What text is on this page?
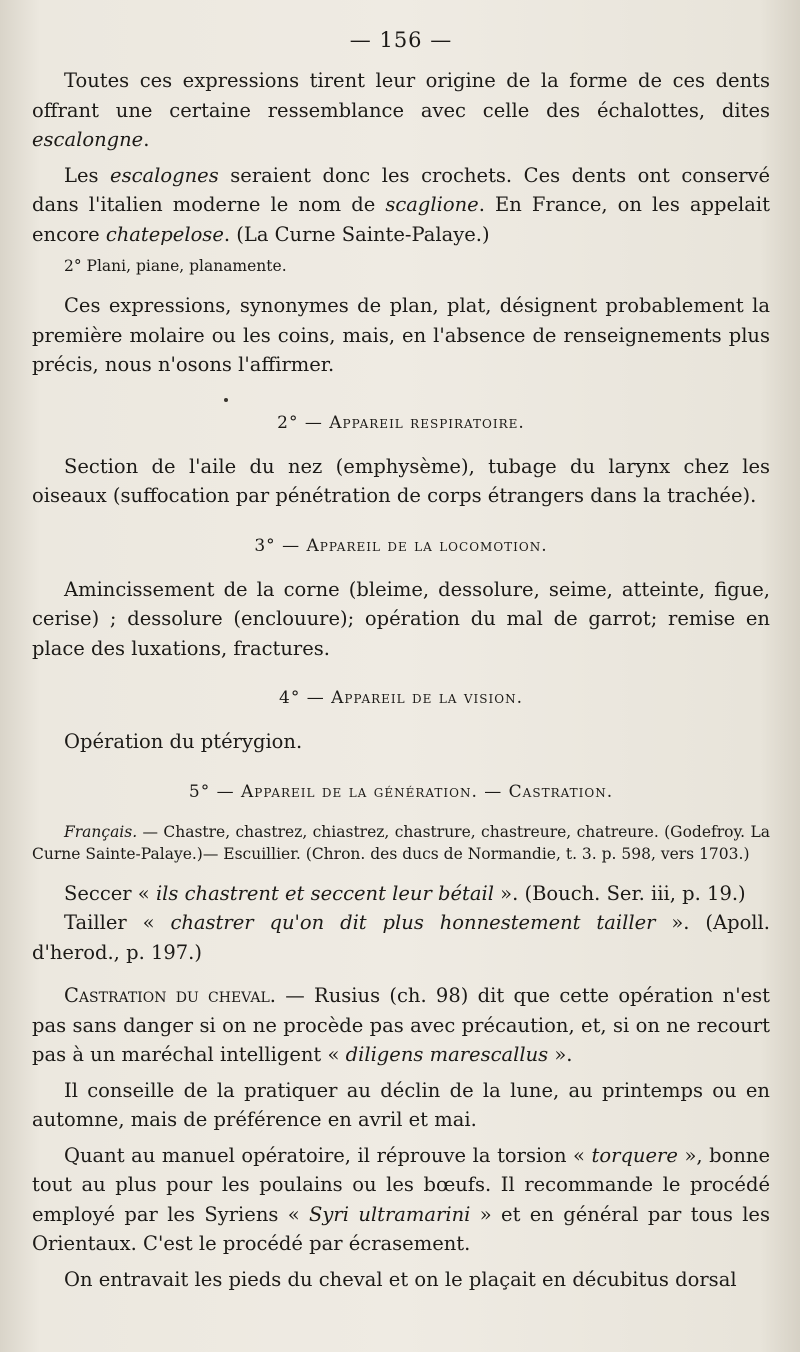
— 156 —

Toutes ces expressions tirent leur origine de la forme de ces dents offrant une certaine ressemblance avec celle des échalottes, dites escalongne.

Les escalognes seraient donc les crochets. Ces dents ont conservé dans l'italien moderne le nom de scaglione. En France, on les appelait encore chatepelose. (La Curne Sainte-Palaye.)

2° Plani, piane, planamente.

Ces expressions, synonymes de plan, plat, désignent probablement la première molaire ou les coins, mais, en l'absence de renseignements plus précis, nous n'osons l'affirmer.

2° — Appareil respiratoire.

Section de l'aile du nez (emphysème), tubage du larynx chez les oiseaux (suffocation par pénétration de corps étrangers dans la trachée).

3° — Appareil de la locomotion.

Amincissement de la corne (bleime, dessolure, seime, atteinte, figue, cerise) ; dessolure (enclouure); opération du mal de garrot; remise en place des luxations, fractures.

4° — Appareil de la vision.

Opération du ptérygion.

5° — Appareil de la génération. — Castration.

Français. — Chastre, chastrez, chiastrez, chastrure, chastreure, chatreure. (Godefroy. La Curne Sainte-Palaye.)— Escuillier. (Chron. des ducs de Normandie, t. 3. p. 598, vers 1703.)

Seccer « ils chastrent et seccent leur bétail ». (Bouch. Ser. iii, p. 19.)

Tailler « chastrer qu'on dit plus honnestement tailler ». (Apoll. d'herod., p. 197.)

Castration du cheval. — Rusius (ch. 98) dit que cette opération n'est pas sans danger si on ne procède pas avec précaution, et, si on ne recourt pas à un maréchal intelligent « diligens marescallus ».

Il conseille de la pratiquer au déclin de la lune, au printemps ou en automne, mais de préférence en avril et mai.

Quant au manuel opératoire, il réprouve la torsion « torquere », bonne tout au plus pour les poulains ou les bœufs. Il recommande le procédé employé par les Syriens « Syri ultramarini » et en général par tous les Orientaux. C'est le procédé par écrasement.

On entravait les pieds du cheval et on le plaçait en décubitus dorsal
